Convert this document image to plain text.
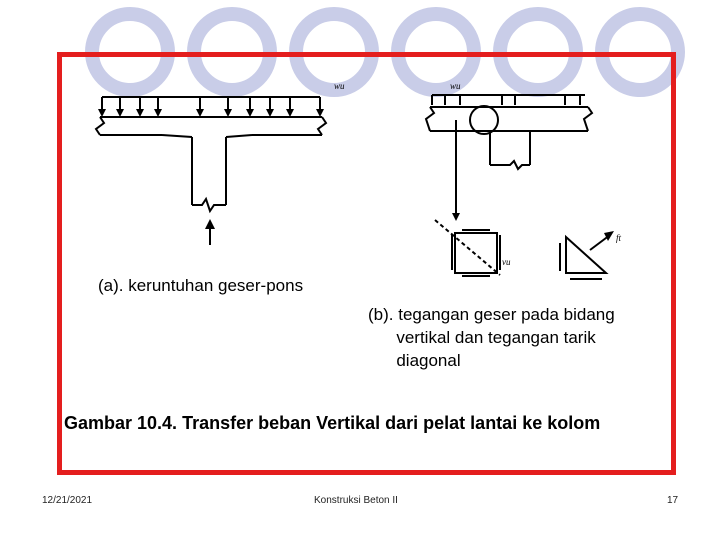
wu	wu
vu
ft
(a). keruntuhan geser-pons
(b). tegangan geser pada bidang
vertikal dan tegangan tarik
diagonal
Gambar 10.4. Transfer beban Vertikal dari pelat lantai ke kolom
12/21/2021	Konstruksi Beton II	17
